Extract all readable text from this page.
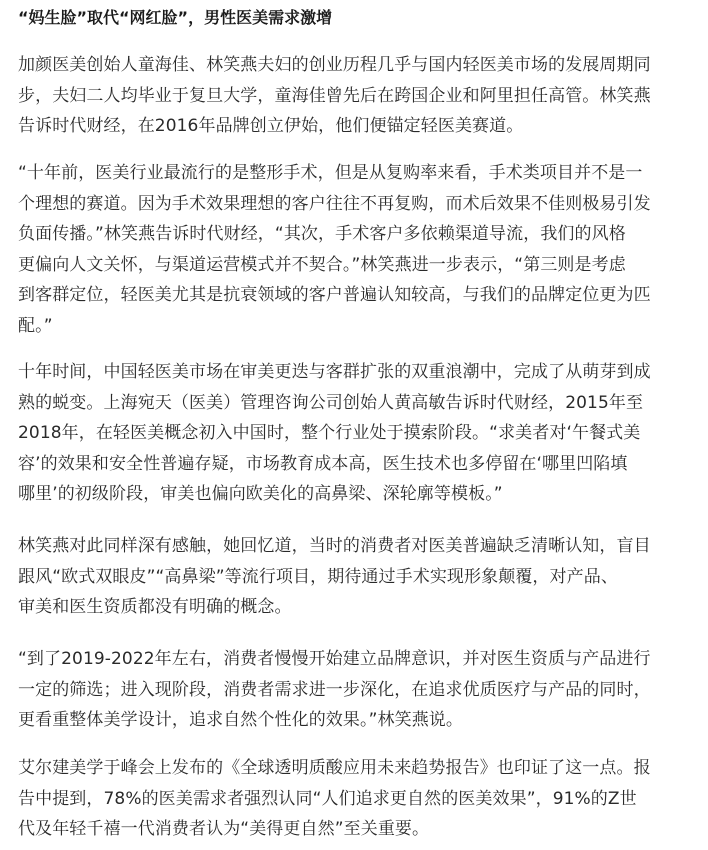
“妈生脸”取代“网红脸”，男性医美需求激增
加颜医美创始人童海佳、林笑燕夫妇的创业历程几乎与国内轻医美市场的发展周期同
步，夫妇二人均毕业于复旦大学，童海佳曾先后在跨国企业和阿里担任高管。林笑燕
告诉时代财经，在2016年品牌创立伊始，他们便锚定轻医美赛道。
“十年前，医美行业最流行的是整形手术，但是从复购率来看，手术类项目并不是一
个理想的赛道。因为手术效果理想的客户往往不再复购，而术后效果不佳则极易引发
负面传播。”林笑燕告诉时代财经，“其次，手术客户多依赖渠道导流，我们的风格
更偏向人文关怀，与渠道运营模式并不契合。”林笑燕进一步表示，“第三则是考虑
到客群定位，轻医美尤其是抗衰领域的客户普遍认知较高，与我们的品牌定位更为匹
配。”
十年时间，中国轻医美市场在审美更迭与客群扩张的双重浪潮中，完成了从萌芽到成
熟的蜕变。上海宛天（医美）管理咨询公司创始人黄高敏告诉时代财经，2015年至
2018年，在轻医美概念初入中国时，整个行业处于摸索阶段。“求美者对‘午餐式美
容’的效果和安全性普遍存疑，市场教育成本高，医生技术也多停留在‘哪里凹陷填
哪里’的初级阶段，审美也偏向欧美化的高鼻梁、深轮廓等模板。”
林笑燕对此同样深有感触，她回忆道，当时的消费者对医美普遍缺乏清晰认知，盲目
跟风“欧式双眼皮”“高鼻梁”等流行项目，期待通过手术实现形象颠覆，对产品、
审美和医生资质都没有明确的概念。
“到了2019-2022年左右，消费者慢慢开始建立品牌意识，并对医生资质与产品进行
一定的筛选；进入现阶段，消费者需求进一步深化，在追求优质医疗与产品的同时，
更看重整体美学设计，追求自然个性化的效果。”林笑燕说。
艾尔建美学于峰会上发布的《全球透明质酸应用未来趋势报告》也印证了这一点。报
告中提到，78%的医美需求者强烈认同“人们追求更自然的医美效果”，91%的Z世
代及年轻千禧一代消费者认为“美得更自然”至关重要。
